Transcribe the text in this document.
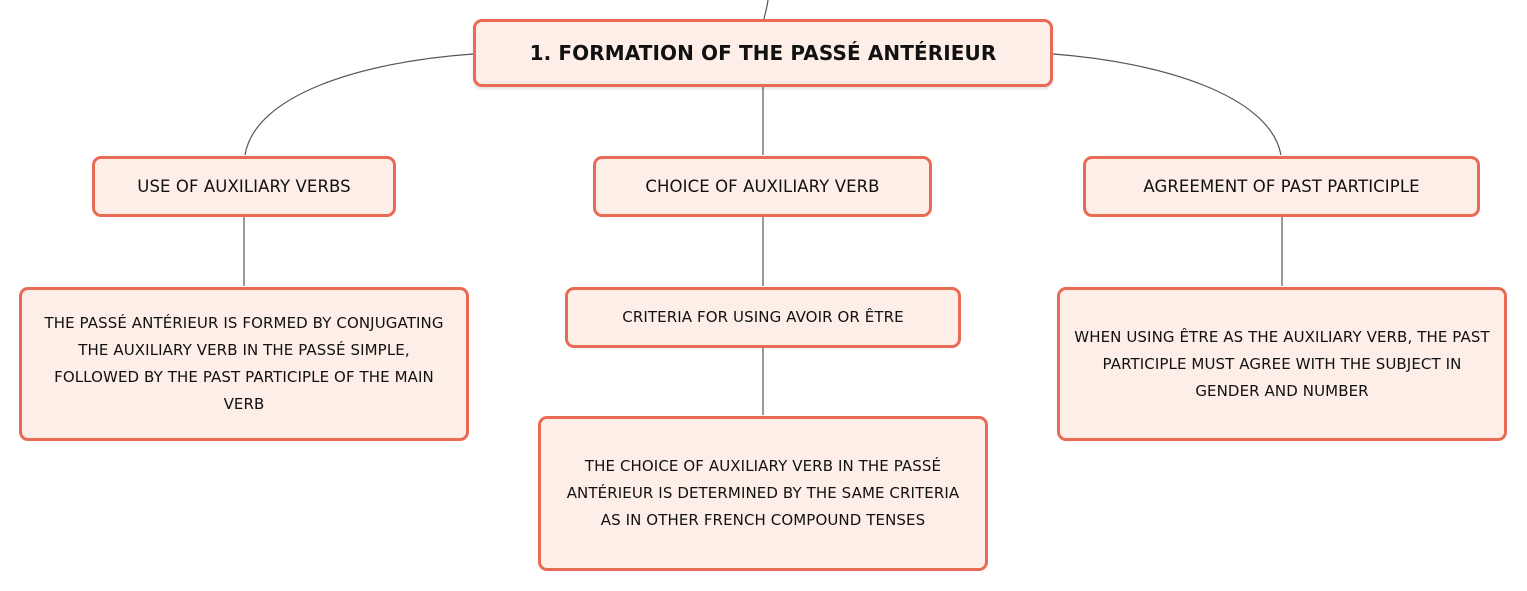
1. FORMATION OF THE PASSÉ ANTÉRIEUR
USE OF AUXILIARY VERBS	CHOICE OF AUXILIARY VERB	AGREEMENT OF PAST PARTICIPLE
THE PASSÉ ANTÉRIEUR IS FORMED BY CONJUGATING THE AUXILIARY VERB IN THE PASSÉ SIMPLE, FOLLOWED BY THE PAST PARTICIPLE OF THE MAIN VERB
CRITERIA FOR USING AVOIR OR ÊTRE
THE CHOICE OF AUXILIARY VERB IN THE PASSÉ ANTÉRIEUR IS DETERMINED BY THE SAME CRITERIA AS IN OTHER FRENCH COMPOUND TENSES
WHEN USING ÊTRE AS THE AUXILIARY VERB, THE PAST PARTICIPLE MUST AGREE WITH THE SUBJECT IN GENDER AND NUMBER
